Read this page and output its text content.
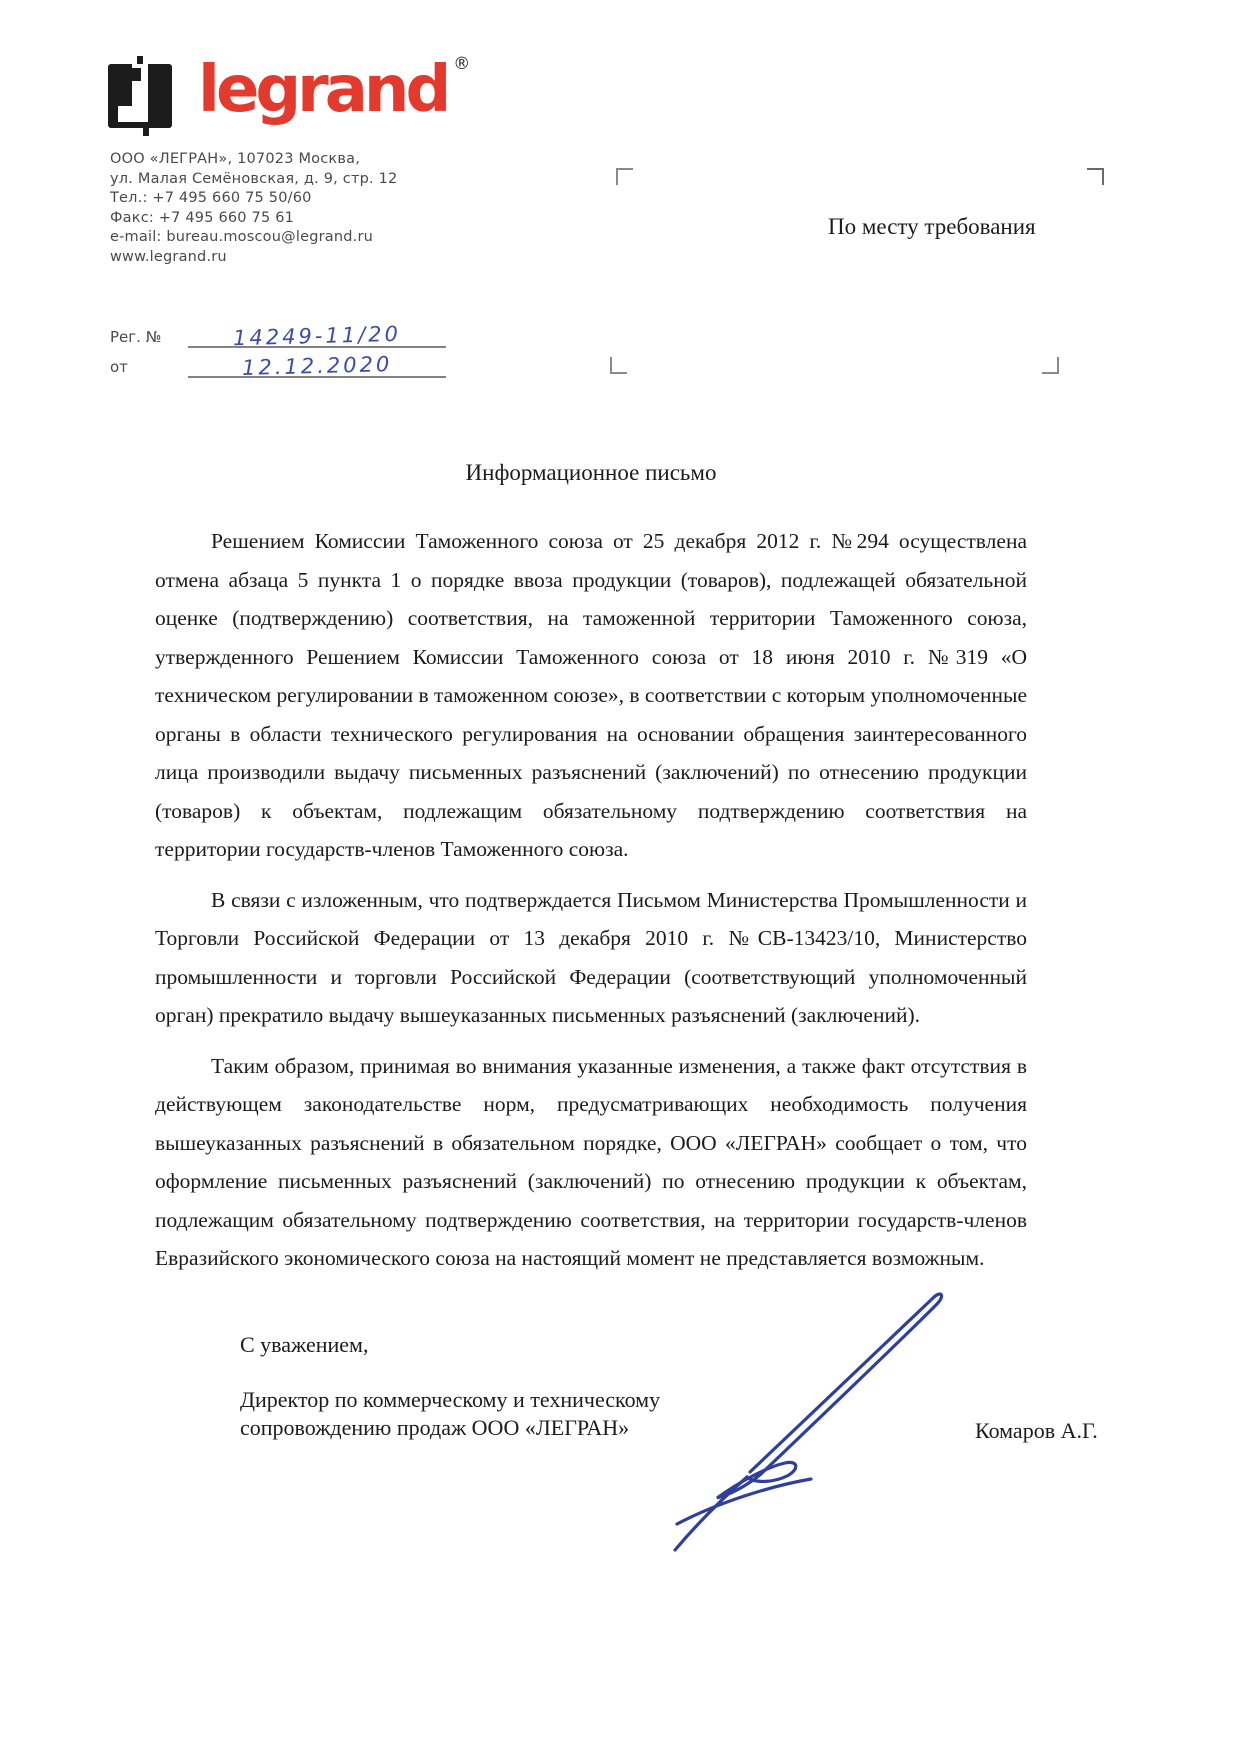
legrand ®
ООО «ЛЕГРАН», 107023 Москва,
ул. Малая Семёновская, д. 9, стр. 12
Тел.: +7 495 660 75 50/60
Факс: +7 495 660 75 61
e-mail: bureau.moscou@legrand.ru
www.legrand.ru
Рег. №	14249-11/20
от	12.12.2020
По месту требования
Информационное письмо

Решением Комиссии Таможенного союза от 25 декабря 2012 г. №294 осуществлена отмена абзаца 5 пункта 1 о порядке ввоза продукции (товаров), подлежащей обязательной оценке (подтверждению) соответствия, на таможенной территории Таможенного союза, утвержденного Решением Комиссии Таможенного союза от 18 июня 2010 г. №319 «О техническом регулировании в таможенном союзе», в соответствии с которым уполномоченные органы в области технического регулирования на основании обращения заинтересованного лица производили выдачу письменных разъяснений (заключений) по отнесению продукции (товаров) к объектам, подлежащим обязательному подтверждению соответствия на территории государств-членов Таможенного союза.

В связи с изложенным, что подтверждается Письмом Министерства Промышленности и Торговли Российской Федерации от 13 декабря 2010 г. №СВ-13423/10, Министерство промышленности и торговли Российской Федерации (соответствующий уполномоченный орган) прекратило выдачу вышеуказанных письменных разъяснений (заключений).

Таким образом, принимая во внимания указанные изменения, а также факт отсутствия в действующем законодательстве норм, предусматривающих необходимость получения вышеуказанных разъяснений в обязательном порядке, ООО «ЛЕГРАН» сообщает о том, что оформление письменных разъяснений (заключений) по отнесению продукции к объектам, подлежащим обязательному подтверждению соответствия, на территории государств-членов Евразийского экономического союза на настоящий момент не представляется возможным.

С уважением,
Директор по коммерческому и техническому
сопровождению продаж ООО «ЛЕГРАН»	Комаров А.Г.
